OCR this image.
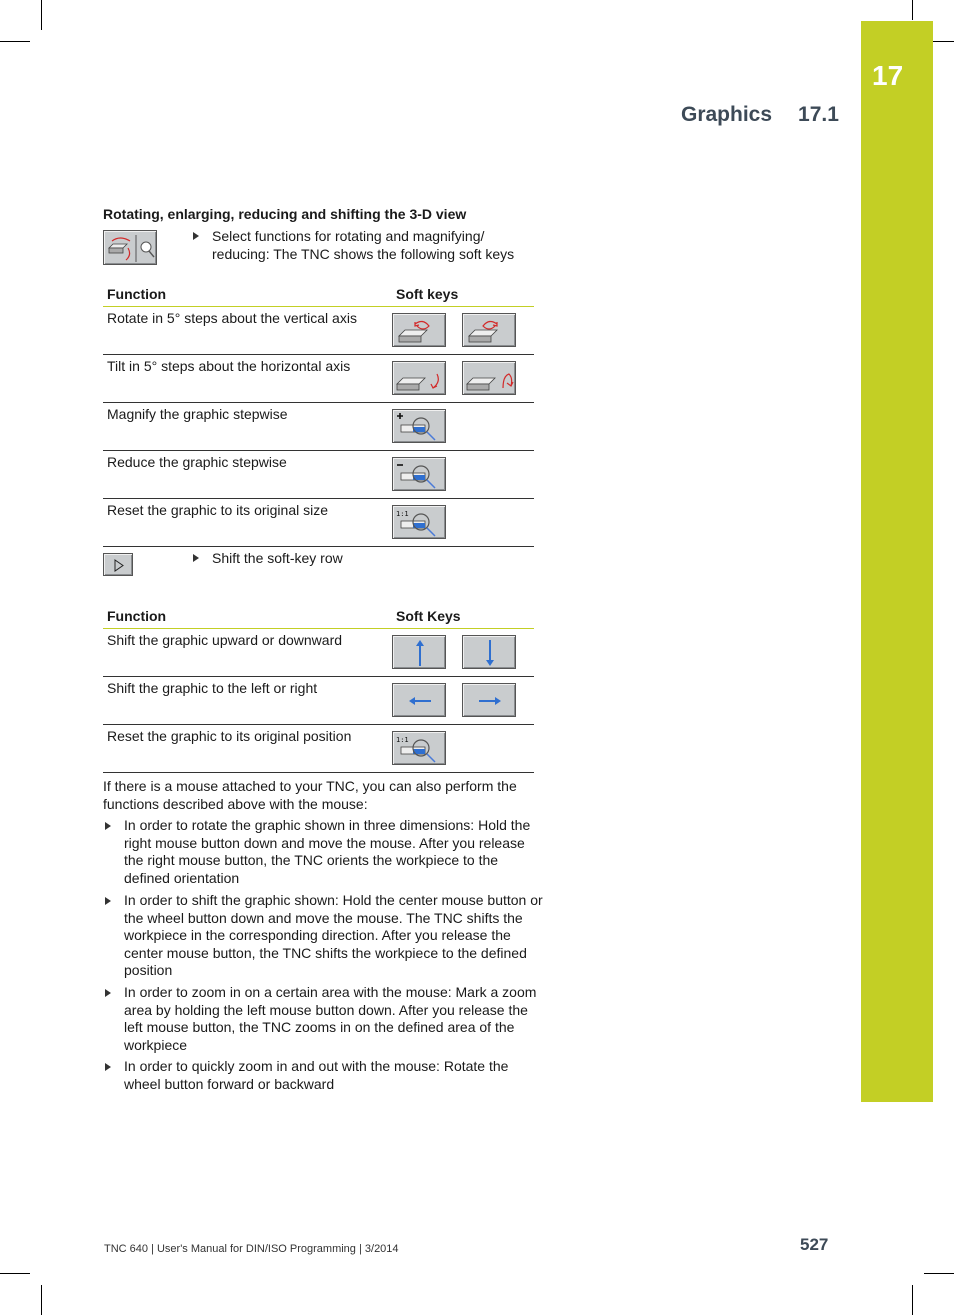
17
Graphics 17.1
Rotating, enlarging, reducing and shifting the 3-D view
Select functions for rotating and magnifying/ reducing: The TNC shows the following soft keys
Function	Soft keys
Rotate in 5° steps about the vertical axis	

Tilt in 5° steps about the horizontal axis	

Magnify the graphic stepwise	

Reduce the graphic stepwise	

Reset the graphic to its original size	1:1
Shift the soft-key row
Function	Soft Keys
Shift the graphic upward or downward	

Shift the graphic to the left or right	

Reset the graphic to its original position	1:1
If there is a mouse attached to your TNC, you can also perform the functions described above with the mouse:
In order to rotate the graphic shown in three dimensions: Hold the right mouse button down and move the mouse. After you release the right mouse button, the TNC orients the workpiece to the defined orientation
In order to shift the graphic shown: Hold the center mouse button or the wheel button down and move the mouse. The TNC shifts the workpiece in the corresponding direction. After you release the center mouse button, the TNC shifts the workpiece to the defined position
In order to zoom in on a certain area with the mouse: Mark a zoom area by holding the left mouse button down. After you release the left mouse button, the TNC zooms in on the defined area of the workpiece
In order to quickly zoom in and out with the mouse: Rotate the wheel button forward or backward
TNC 640 | User's Manual for DIN/ISO Programming | 3/2014	527
